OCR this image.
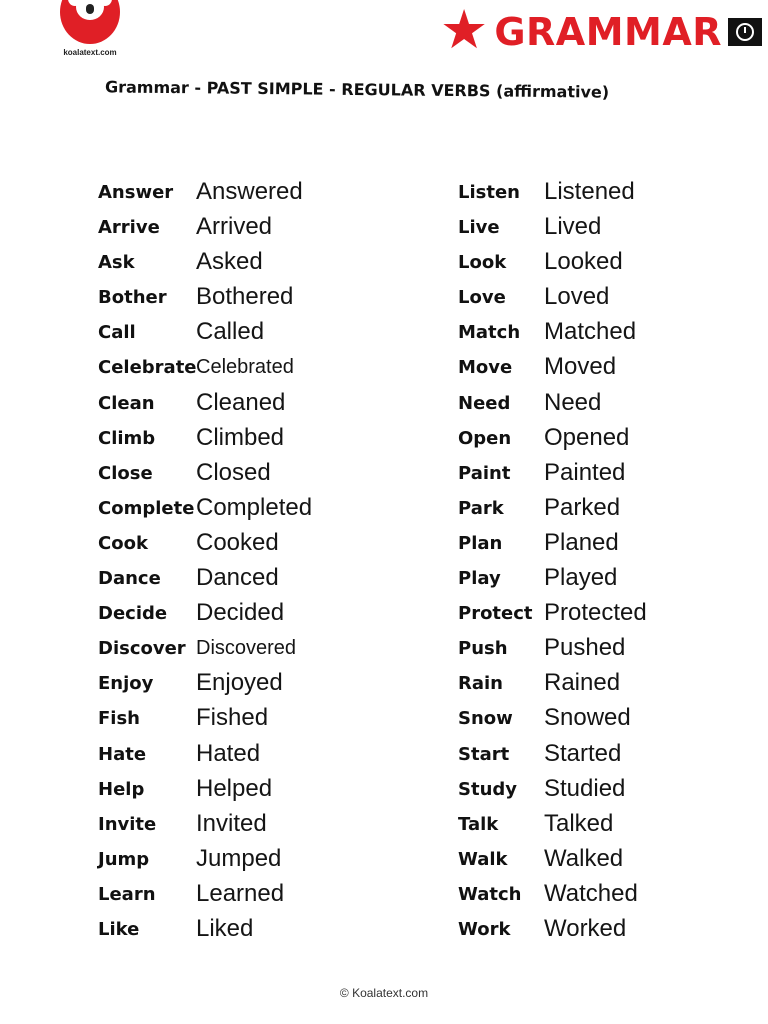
koalatext.com	★ GRAMMAR
Grammar - PAST SIMPLE - REGULAR VERBS (affirmative)
Answer Answered
Arrive Arrived
Ask	Asked
Bother Bothered
Call	Called
Celebrate Celebrated
Clean Cleaned
Climb Climbed
Close Closed
Complete Completed
Cook Cooked
Dance Danced
Decide Decided
Discover Discovered
Enjoy Enjoyed
Fish Fished
Hate Hated
Help Helped
Invite Invited
Jump Jumped
Learn Learned
Like Liked
Listen Listened
Live Lived
Look Looked
Love Loved
Match Matched
Move Moved
Need Need
Open Opened
Paint Painted
Park Parked
Plan Planed
Play Played
Protect Protected
Push Pushed
Rain Rained
Snow Snowed
Start Started
Study Studied
Talk Talked
Walk Walked
Watch Watched
Work Worked
© Koalatext.com
